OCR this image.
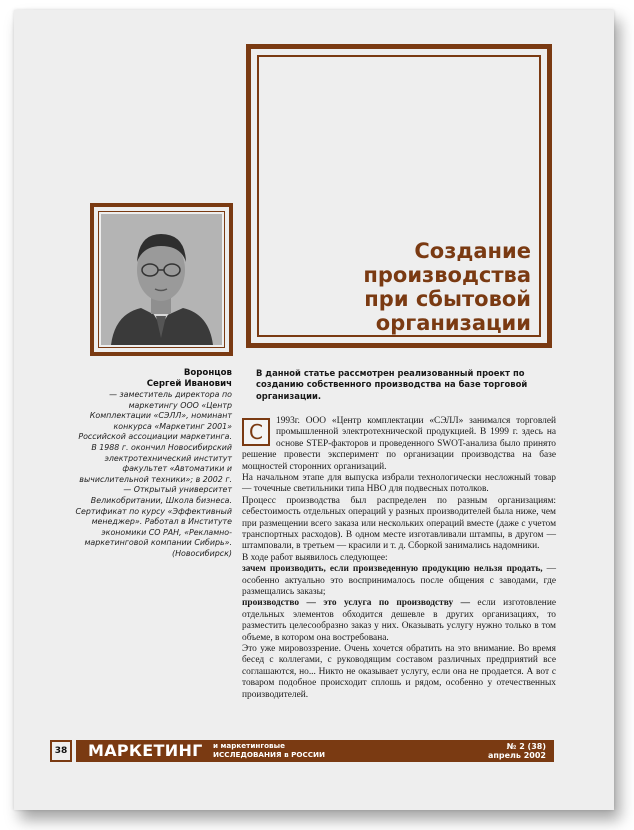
Создание
производства
при сбытовой
организации
Воронцов
Сергей Иванович
— заместитель директора по маркетингу ООО «Центр Комплектации «СЭЛЛ», номинант конкурса «Маркетинг 2001» Российской ассоциации маркетинга. В 1988 г. окончил Новосибирский электротехнический институт факультет «Автоматики и вычислительной техники»; в 2002 г. — Открытый университет Великобритании, Школа бизнеса. Сертификат по курсу «Эффективный менеджер». Работал в Институте экономики СО РАН, «Рекламно-маркетинговой компании Сибирь». (Новосибирск)

В данной статье рассмотрен реализованный проект по созданию собственного производства на базе торговой организации.

С	1993г. ООО «Центр комплектации «СЭЛЛ» занимался торговлей промышленной электротехнической продукцией. В 1999 г. здесь на основе STEP-факторов и проведенного SWOT-анализа было принято решение провести эксперимент по организации производства на базе мощностей сторонних организаций.

На начальном этапе для выпуска избрали технологически несложный товар — точечные светильники типа НВО для подвесных потолков.

Процесс производства был распределен по разным организациям: себестоимость отдельных операций у разных производителей была ниже, чем при размещении всего заказа или нескольких операций вместе (даже с учетом транспортных расходов). В одном месте изготавливали штампы, в другом — штамповали, в третьем — красили и т. д. Сборкой занимались надомники.

В ходе работ выявилось следующее:

зачем производить, если произведенную продукцию нельзя продать, — особенно актуально это воспринималось после общения с заводами, где размещались заказы;

производство — это услуга по производству — если изготовление отдельных элементов обходится дешевле в других организациях, то разместить целесообразно заказ у них. Оказывать услугу нужно только в том объеме, в котором она востребована.

Это уже мировоззрение. Очень хочется обратить на это внимание. Во время бесед с коллегами, с руководящим составом различных предприятий все соглашаются, но... Никто не оказывает услугу, если она не продается. А вот с товаром подобное происходит сплошь и рядом, особенно у отечественных производителей.

38 МАРКЕТИНГ и маркетинговые
ИССЛЕДОВАНИЯ в РОССИИ
№ 2 (38)
апрель 2002
